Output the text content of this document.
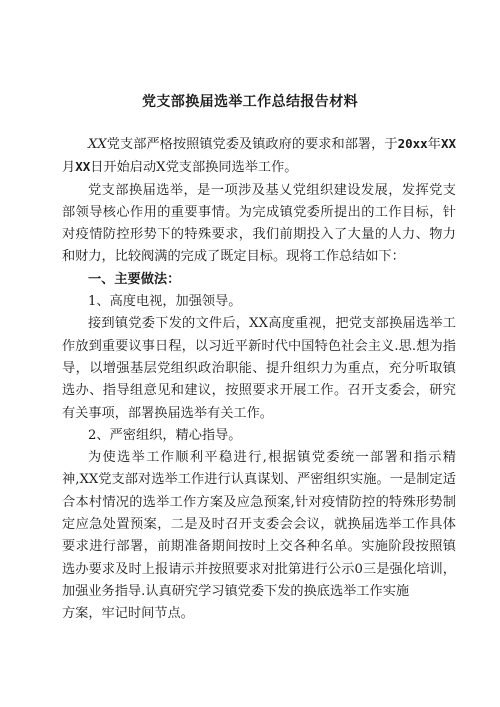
党支部换届选举工作总结报告材料

XX党支部严格按照镇党委及镇政府的要求和部署，于20xx年XX月XX日开始启动X党支部换同选举工作。

党支部换届选举，是一项涉及基乂党组织建设发展，发挥党支部领导核心作用的重要事情。为完成镇党委所提出的工作目标，针对疫情防控形势下的特殊要求，我们前期投入了大量的人力、物力和财力，比较阀满的完成了既定目标。现将工作总结如下：

一、主要做法：

1、高度电视，加强领导。

接到镇党委下发的文件后，XX高度重视，把党支部换届选举工作放到重要议事日程，以习近平新时代中国特色社会主义.思.想为指导，以增强基层党组织政治职能、提升组织力为重点，充分听取镇选办、指导组意见和建议，按照要求开展工作。召开支委会，研究有关事项，部署换届选举有关工作。

2、严密组织，精心指导。

为使选举工作顺利平稳进行,根据镇党委统一部署和指示精神,XX党支部对选举工作进行认真谋划、严密组织实施。一是制定适合本村情况的选举工作方案及应急预案,针对疫情防控的特殊形势制定应急处置预案，二是及时召开支委会会议，就换届选举工作具体要求进行部署，前期准备期间按时上交各种名单。实施阶段按照镇选办要求及时上报请示并按照要求对批第进行公示0三是强化培训，加强业务指导.认真研究学习镇党委下发的换底选举工作实施

方案，牢记时间节点。
